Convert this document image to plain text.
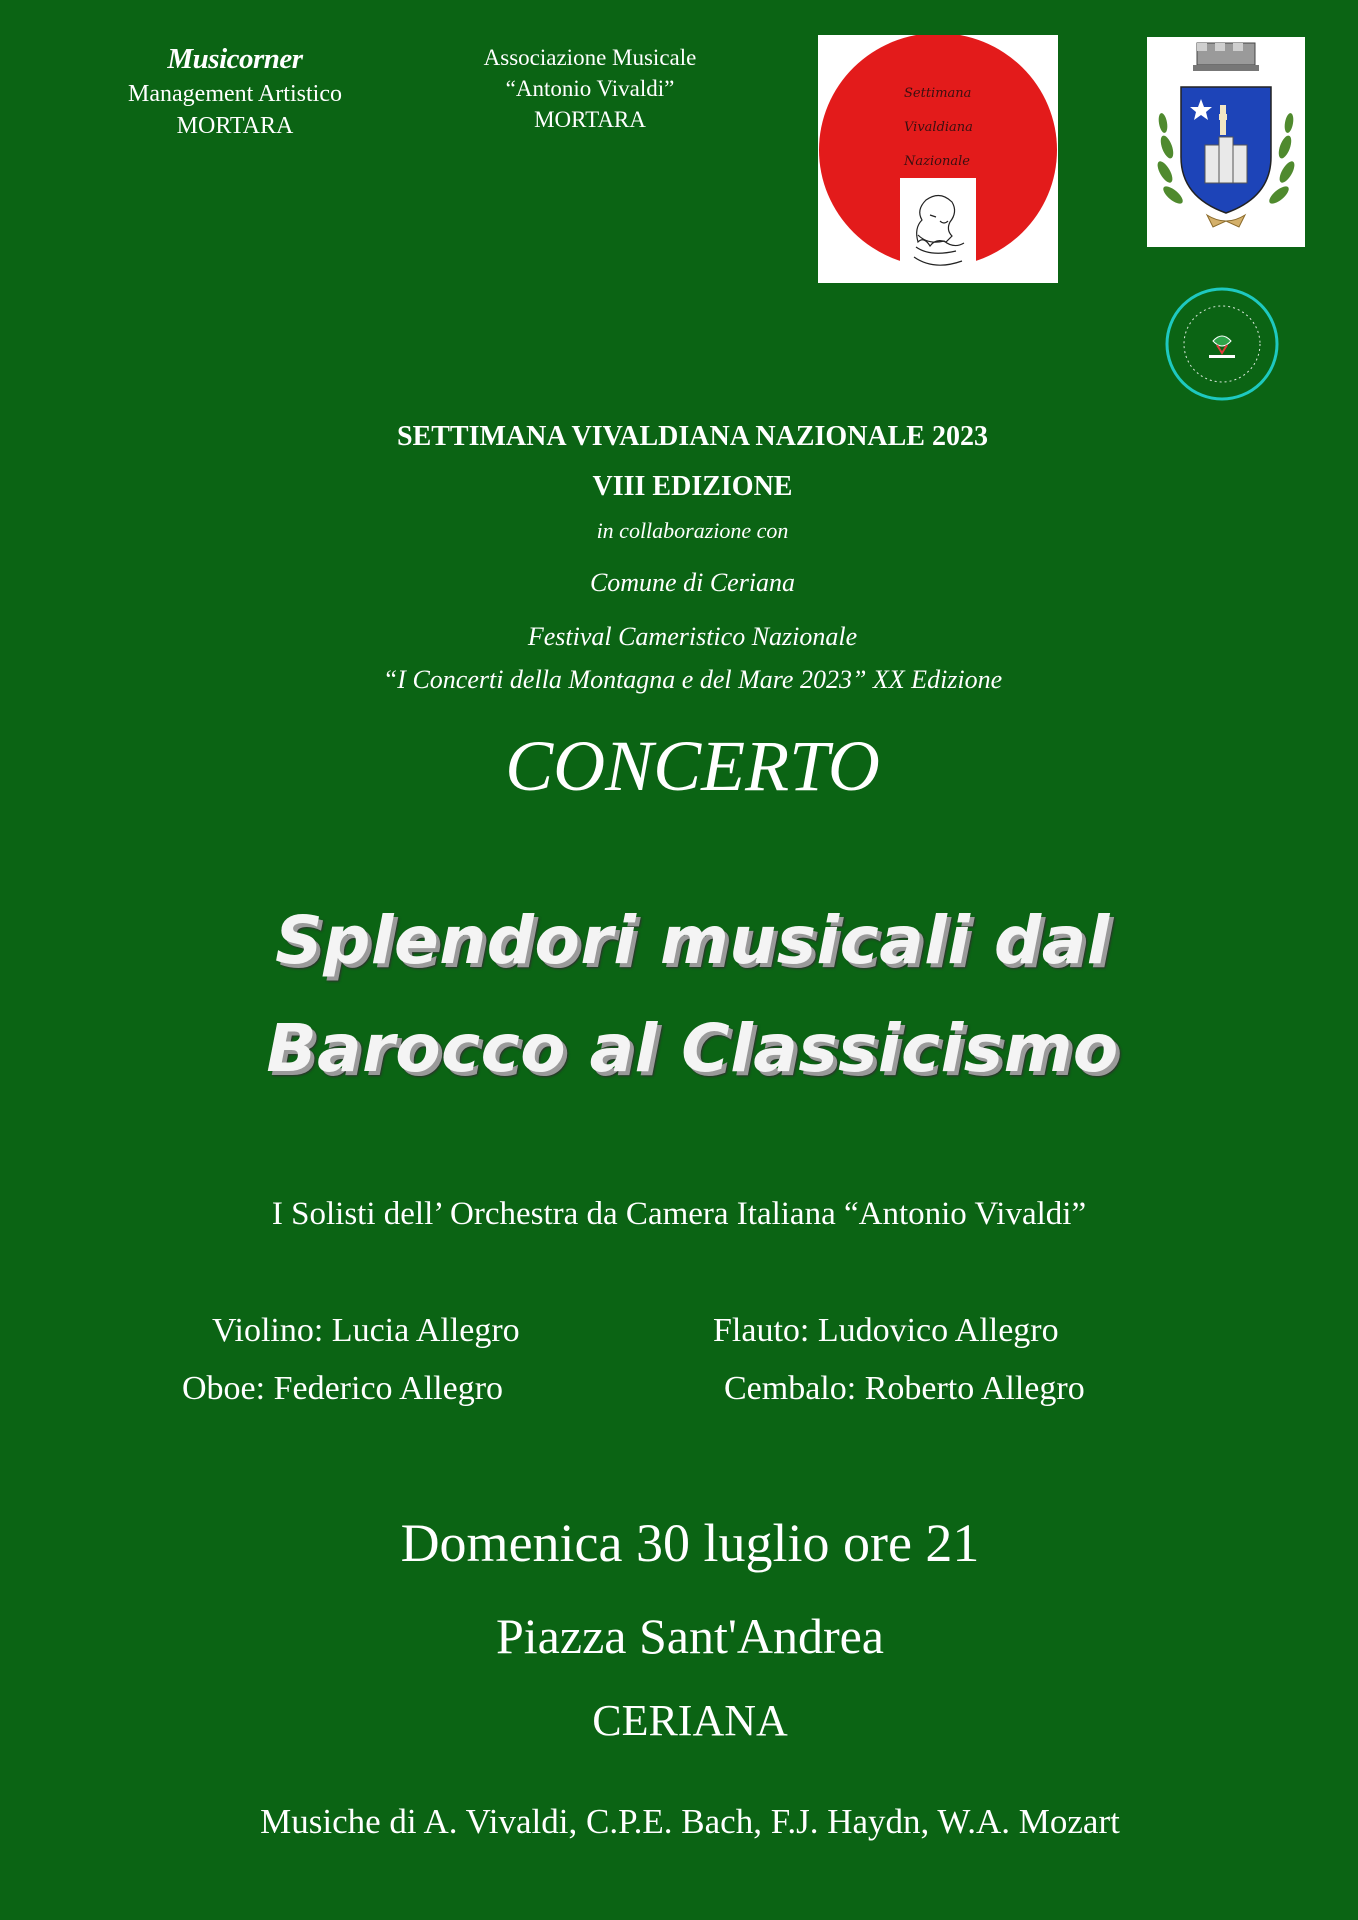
Musicorner
Management Artistico
MORTARA
Associazione Musicale
“Antonio Vivaldi”
MORTARA
Settimana
Vivaldiana
Nazionale
SETTIMANA VIVALDIANA NAZIONALE 2023
VIII EDIZIONE
in collaborazione con
Comune di Ceriana
Festival Cameristico Nazionale
“I Concerti della Montagna e del Mare 2023” XX Edizione
CONCERTO
Splendori musicali dal
Barocco al Classicismo
I Solisti dell’ Orchestra da Camera Italiana “Antonio Vivaldi”
Violino: Lucia Allegro
Oboe: Federico Allegro
Flauto: Ludovico Allegro
Cembalo: Roberto Allegro
Domenica 30 luglio ore 21
Piazza Sant'Andrea
CERIANA
Musiche di A. Vivaldi, C.P.E. Bach, F.J. Haydn, W.A. Mozart
